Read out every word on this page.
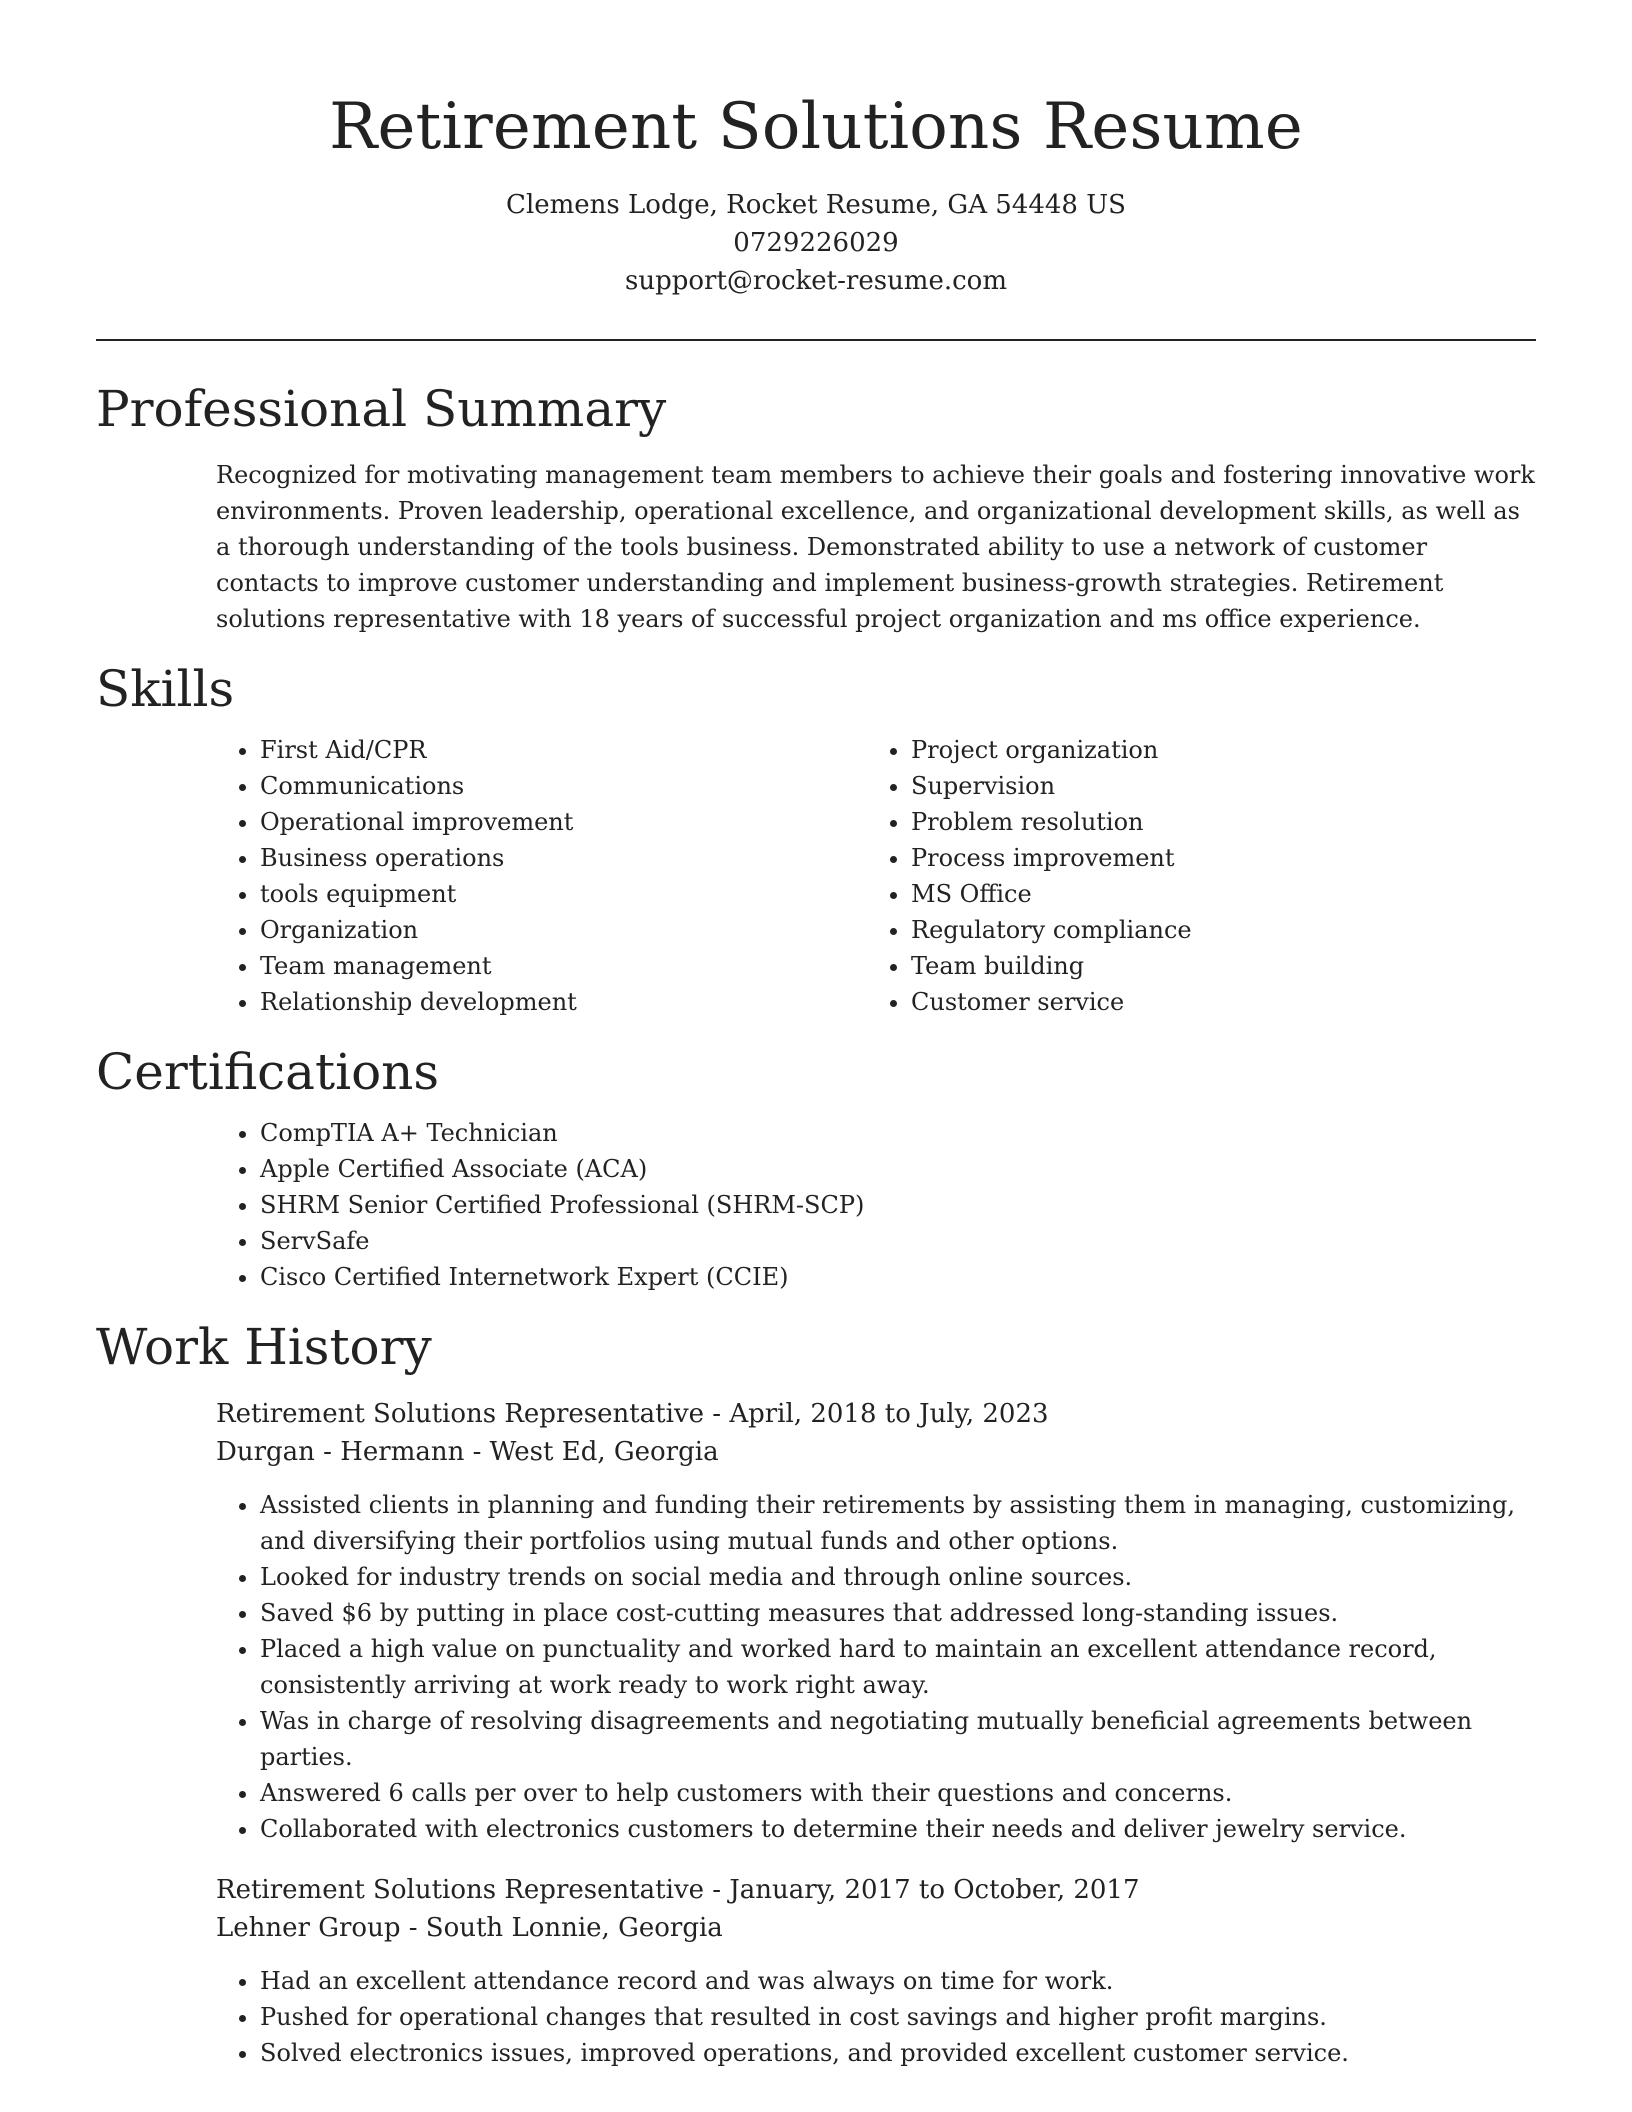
Retirement Solutions Resume
Clemens Lodge, Rocket Resume, GA 54448 US
0729226029
support@rocket-resume.com
Professional Summary

Recognized for motivating management team members to achieve their goals and fostering innovative work environments. Proven leadership, operational excellence, and organizational development skills, as well as a thorough understanding of the tools business. Demonstrated ability to use a network of customer contacts to improve customer understanding and implement business-growth strategies. Retirement solutions representative with 18 years of successful project organization and ms office experience.

Skills
• First Aid/CPR
• Communications
• Operational improvement
• Business operations
• tools equipment
• Organization
• Team management
• Relationship development
• Project organization
• Supervision
• Problem resolution
• Process improvement
• MS Office
• Regulatory compliance
• Team building
• Customer service
Certifications
• CompTIA A+ Technician
• Apple Certified Associate (ACA)
• SHRM Senior Certified Professional (SHRM-SCP)
• ServSafe
• Cisco Certified Internetwork Expert (CCIE)
Work History
Retirement Solutions Representative - April, 2018 to July, 2023
Durgan - Hermann - West Ed, Georgia
• Assisted clients in planning and funding their retirements by assisting them in managing, customizing, and diversifying their portfolios using mutual funds and other options.
• Looked for industry trends on social media and through online sources.
• Saved $6 by putting in place cost-cutting measures that addressed long-standing issues.
• Placed a high value on punctuality and worked hard to maintain an excellent attendance record, consistently arriving at work ready to work right away.
• Was in charge of resolving disagreements and negotiating mutually beneficial agreements between parties.
• Answered 6 calls per over to help customers with their questions and concerns.
• Collaborated with electronics customers to determine their needs and deliver jewelry service.
Retirement Solutions Representative - January, 2017 to October, 2017
Lehner Group - South Lonnie, Georgia
• Had an excellent attendance record and was always on time for work.
• Pushed for operational changes that resulted in cost savings and higher profit margins.
• Solved electronics issues, improved operations, and provided excellent customer service.
